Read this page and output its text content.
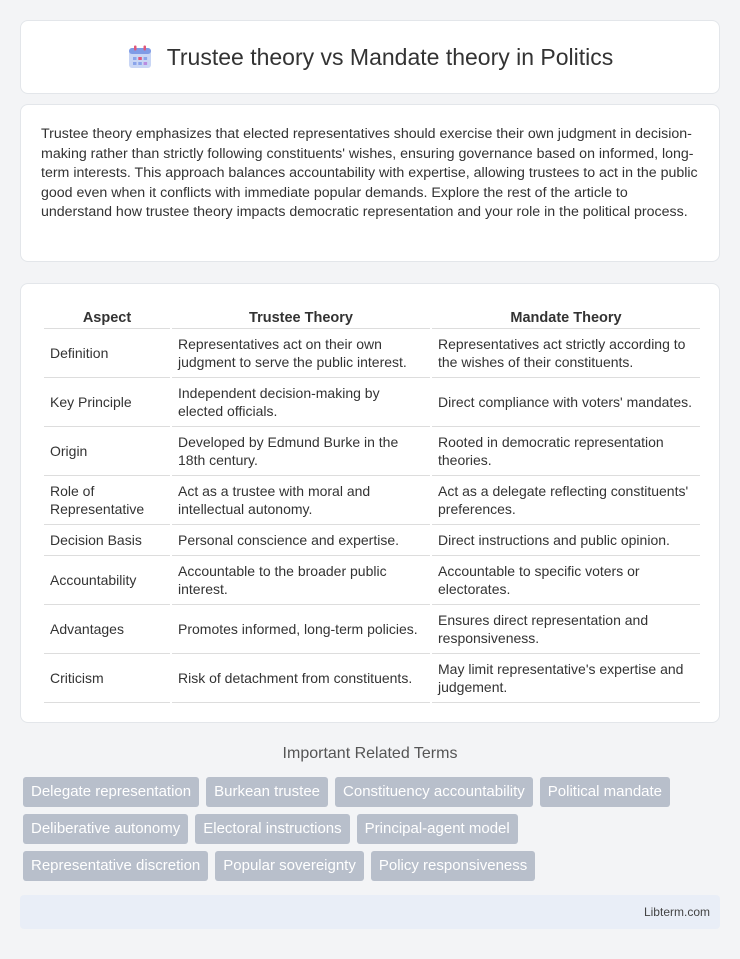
Trustee theory vs Mandate theory in Politics

Trustee theory emphasizes that elected representatives should exercise their own judgment in decision-making rather than strictly following constituents' wishes, ensuring governance based on informed, long-term interests. This approach balances accountability with expertise, allowing trustees to act in the public good even when it conflicts with immediate popular demands. Explore the rest of the article to understand how trustee theory impacts democratic representation and your role in the political process.

Aspect	Trustee Theory	Mandate Theory
Definition	Representatives act on their own judgment to serve the public interest.	Representatives act strictly according to the wishes of their constituents.
Key Principle	Independent decision-making by elected officials.	Direct compliance with voters' mandates.
Origin	Developed by Edmund Burke in the 18th century.	Rooted in democratic representation theories.
Role of Representative	Act as a trustee with moral and intellectual autonomy.	Act as a delegate reflecting constituents' preferences.
Decision Basis	Personal conscience and expertise.	Direct instructions and public opinion.
Accountability	Accountable to the broader public interest.	Accountable to specific voters or electorates.
Advantages	Promotes informed, long-term policies.	Ensures direct representation and responsiveness.
Criticism	Risk of detachment from constituents.	May limit representative's expertise and judgement.
Important Related Terms
Delegate representation	Burkean trustee	Constituency accountability	Political mandate
Deliberative autonomy	Electoral instructions	Principal-agent model
Representative discretion	Popular sovereignty	Policy responsiveness
Libterm.com
